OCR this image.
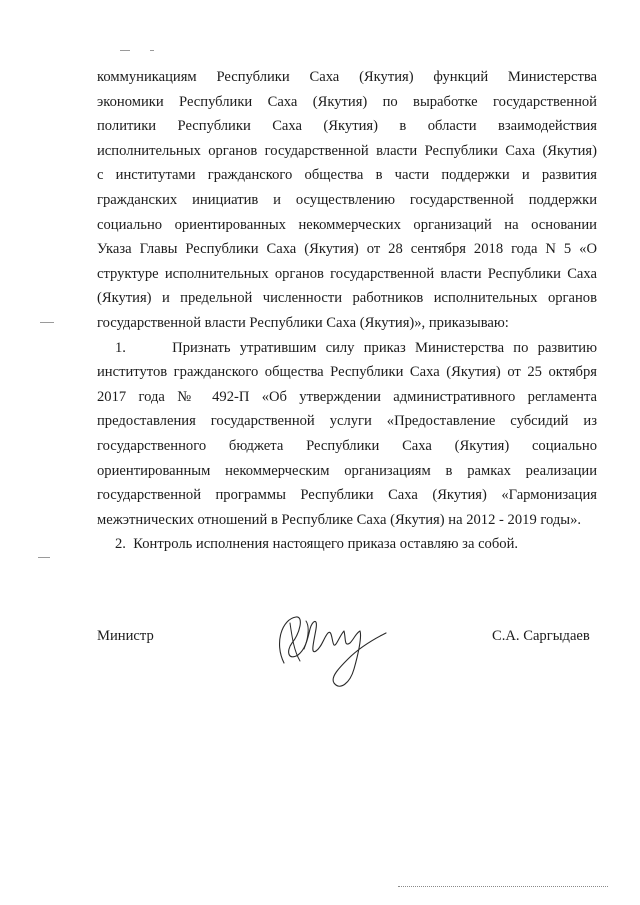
коммуникациям Республики Саха (Якутия) функций Министерства
экономики Республики Саха (Якутия) по выработке государственной
политики Республики Саха (Якутия) в области взаимодействия
исполнительных органов государственной власти Республики Саха (Якутия)
с институтами гражданского общества в части поддержки и развития
гражданских инициатив и осуществлению государственной поддержки
социально ориентированных некоммерческих организаций на основании
Указа Главы Республики Саха (Якутия) от 28 сентября 2018 года N 5 «О
структуре исполнительных органов государственной власти Республики Саха
(Якутия) и предельной численности работников исполнительных органов
государственной власти Республики Саха (Якутия)», приказываю:
1.     Признать утратившим силу приказ Министерства по развитию
институтов гражданского общества Республики Саха (Якутия) от 25 октября
2017 года № 492-П «Об утверждении административного регламента
предоставления государственной услуги «Предоставление субсидий из
государственного бюджета Республики Саха (Якутия) социально
ориентированным некоммерческим организациям в рамках реализации
государственной программы Республики Саха (Якутия) «Гармонизация
межэтнических отношений в Республике Саха (Якутия) на 2012 - 2019 годы».
2.  Контроль исполнения настоящего приказа оставляю за собой.
Министр	С.А. Саргыдаев
